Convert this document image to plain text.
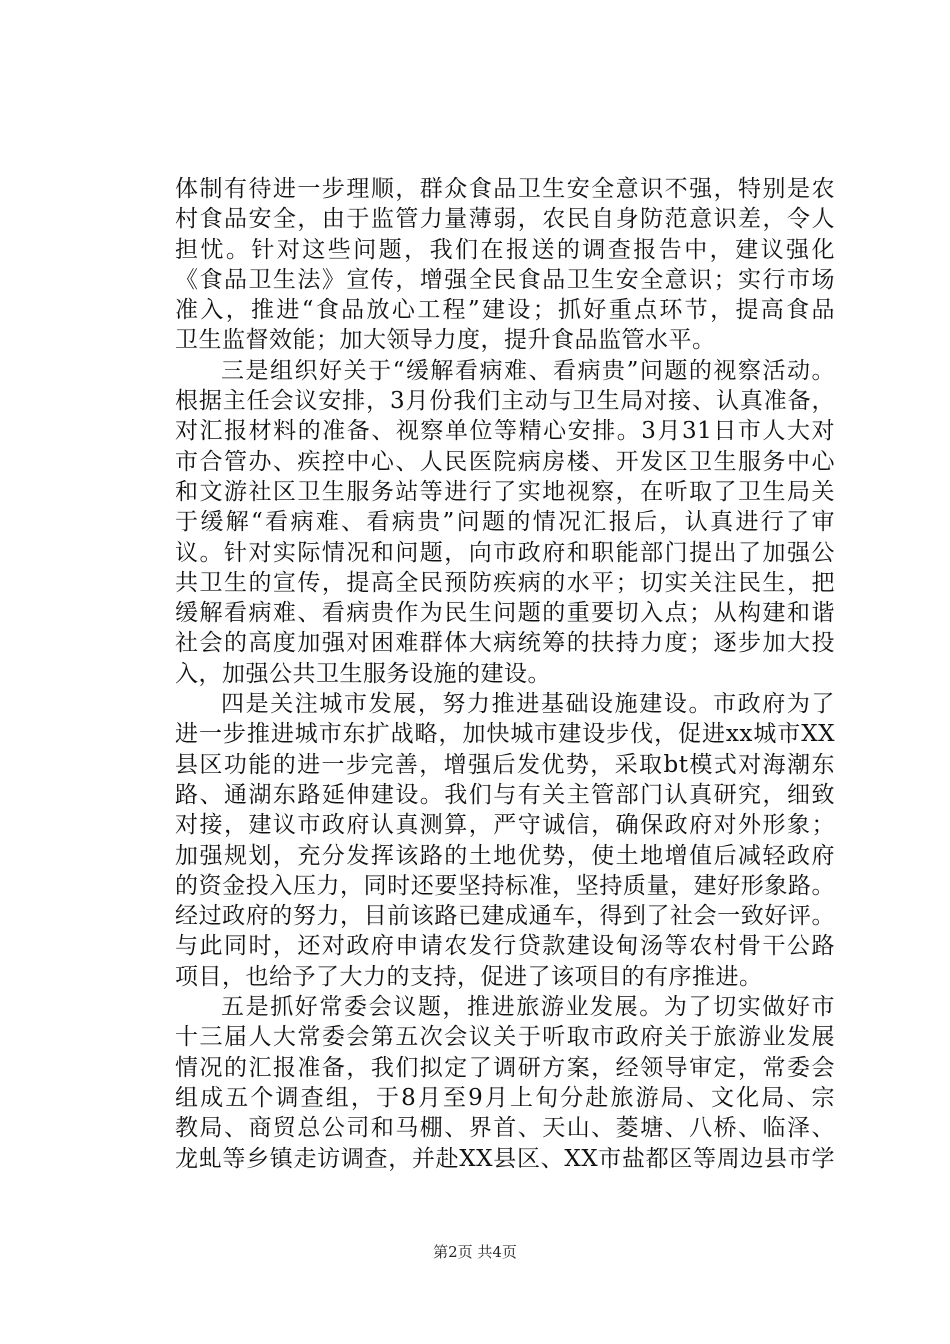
体制有待进一步理顺，群众食品卫生安全意识不强，特别是农
村食品安全，由于监管力量薄弱，农民自身防范意识差，令人
担忧。针对这些问题，我们在报送的调查报告中，建议强化
《食品卫生法》宣传，增强全民食品卫生安全意识；实行市场
准入，推进“食品放心工程”建设；抓好重点环节，提高食品
卫生监督效能；加大领导力度，提升食品监管水平。
三是组织好关于“缓解看病难、看病贵”问题的视察活动。
根据主任会议安排，3月份我们主动与卫生局对接、认真准备，
对汇报材料的准备、视察单位等精心安排。3月31日市人大对
市合管办、疾控中心、人民医院病房楼、开发区卫生服务中心
和文游社区卫生服务站等进行了实地视察，在听取了卫生局关
于缓解“看病难、看病贵”问题的情况汇报后，认真进行了审
议。针对实际情况和问题，向市政府和职能部门提出了加强公
共卫生的宣传，提高全民预防疾病的水平；切实关注民生，把
缓解看病难、看病贵作为民生问题的重要切入点；从构建和谐
社会的高度加强对困难群体大病统筹的扶持力度；逐步加大投
入，加强公共卫生服务设施的建设。
四是关注城市发展，努力推进基础设施建设。市政府为了
进一步推进城市东扩战略，加快城市建设步伐，促进xx城市XX
县区功能的进一步完善，增强后发优势，采取bt模式对海潮东
路、通湖东路延伸建设。我们与有关主管部门认真研究，细致
对接，建议市政府认真测算，严守诚信，确保政府对外形象；
加强规划，充分发挥该路的土地优势，使土地增值后减轻政府
的资金投入压力，同时还要坚持标准，坚持质量，建好形象路。
经过政府的努力，目前该路已建成通车，得到了社会一致好评。
与此同时，还对政府申请农发行贷款建设甸汤等农村骨干公路
项目，也给予了大力的支持，促进了该项目的有序推进。
五是抓好常委会议题，推进旅游业发展。为了切实做好市
十三届人大常委会第五次会议关于听取市政府关于旅游业发展
情况的汇报准备，我们拟定了调研方案，经领导审定，常委会
组成五个调查组，于8月至9月上旬分赴旅游局、文化局、宗
教局、商贸总公司和马棚、界首、天山、菱塘、八桥、临泽、
龙虬等乡镇走访调查，并赴XX县区、XX市盐都区等周边县市学
第2页 共4页
